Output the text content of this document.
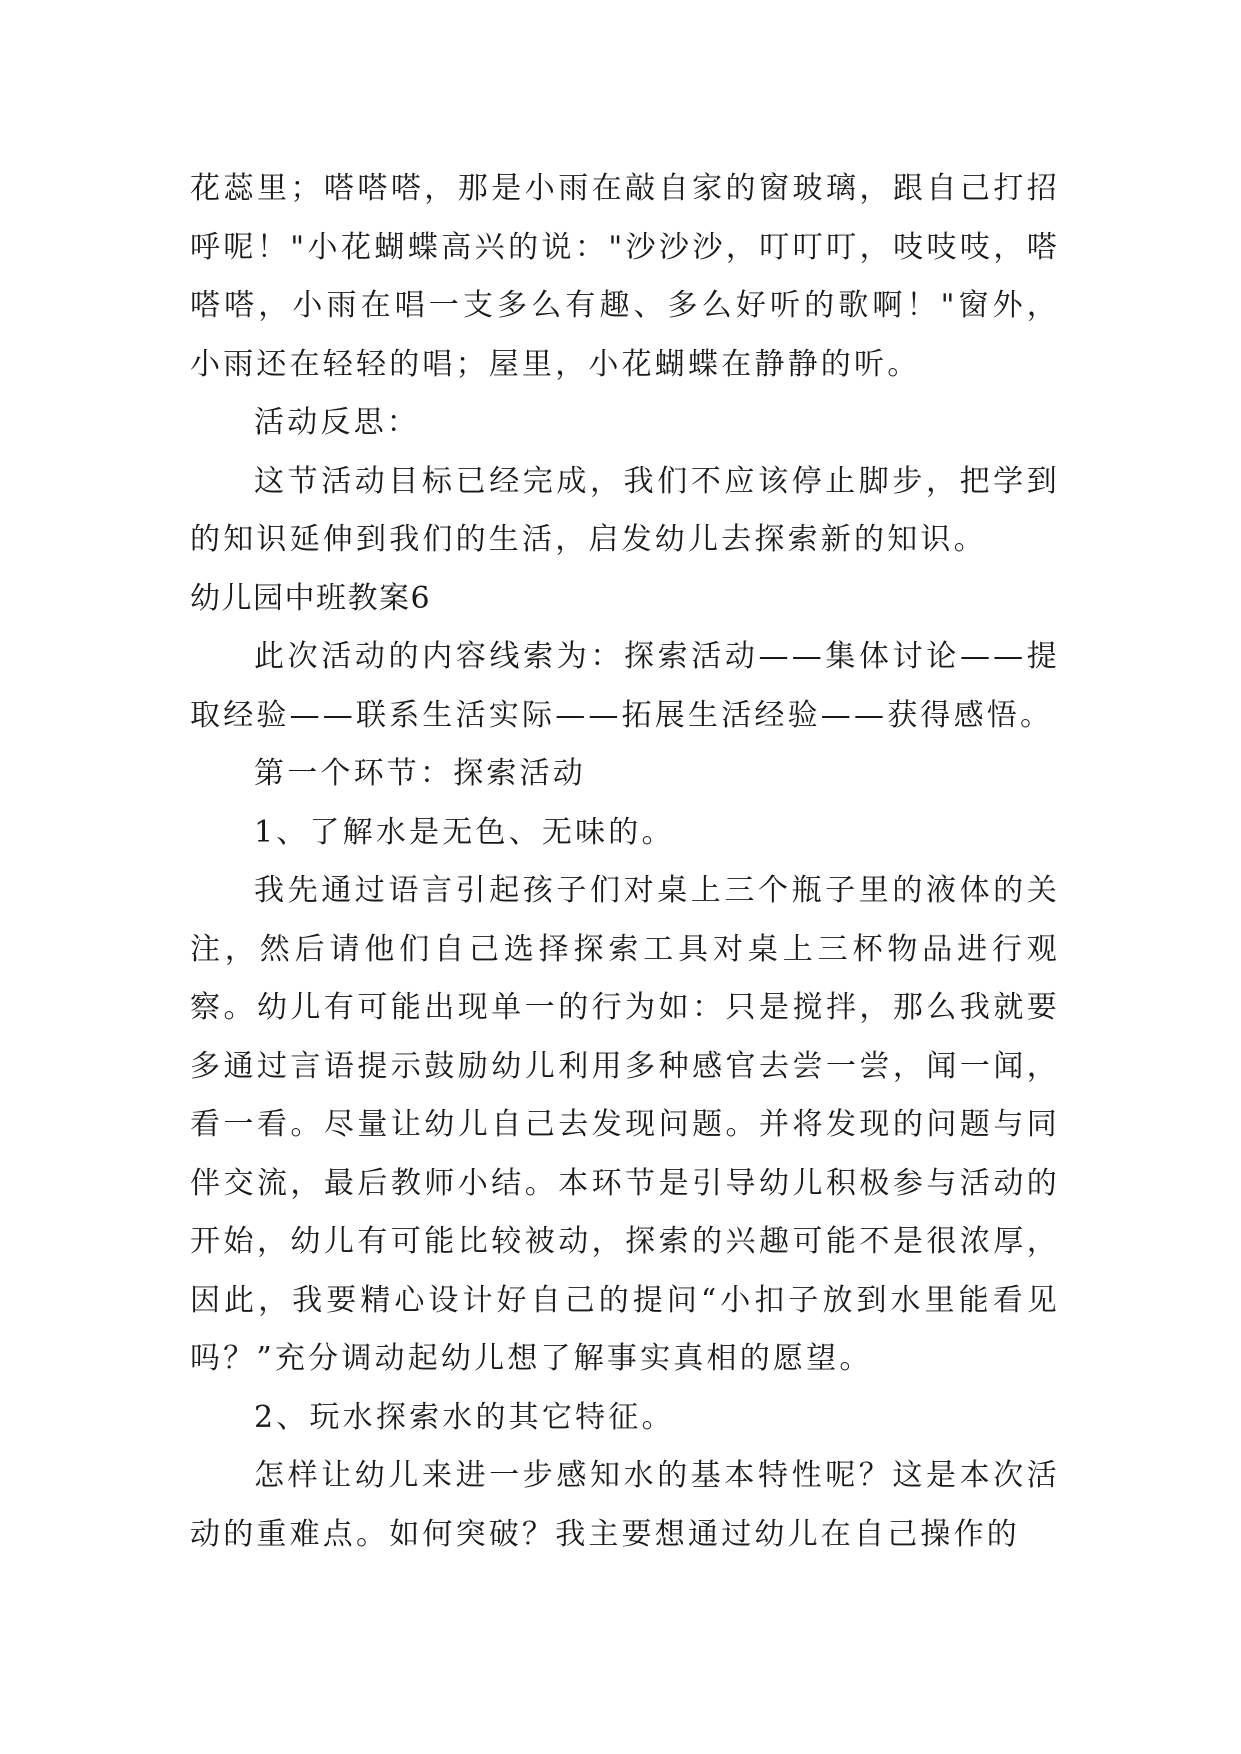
花蕊里；嗒嗒嗒，那是小雨在敲自家的窗玻璃，跟自己打招呼呢！"小花蝴蝶高兴的说："沙沙沙，叮叮叮，吱吱吱，嗒嗒嗒，小雨在唱一支多么有趣、多么好听的歌啊！"窗外，小雨还在轻轻的唱；屋里，小花蝴蝶在静静的听。

活动反思：

这节活动目标已经完成，我们不应该停止脚步，把学到的知识延伸到我们的生活，启发幼儿去探索新的知识。

幼儿园中班教案6

此次活动的内容线索为：探索活动——集体讨论——提取经验——联系生活实际——拓展生活经验——获得感悟。

第一个环节：探索活动

1、了解水是无色、无味的。

我先通过语言引起孩子们对桌上三个瓶子里的液体的关注，然后请他们自己选择探索工具对桌上三杯物品进行观察。幼儿有可能出现单一的行为如：只是搅拌，那么我就要多通过言语提示鼓励幼儿利用多种感官去尝一尝，闻一闻，看一看。尽量让幼儿自己去发现问题。并将发现的问题与同伴交流，最后教师小结。本环节是引导幼儿积极参与活动的开始，幼儿有可能比较被动，探索的兴趣可能不是很浓厚，因此，我要精心设计好自己的提问“小扣子放到水里能看见吗？”充分调动起幼儿想了解事实真相的愿望。

2、玩水探索水的其它特征。

怎样让幼儿来进一步感知水的基本特性呢？这是本次活动的重难点。如何突破？我主要想通过幼儿在自己操作的
